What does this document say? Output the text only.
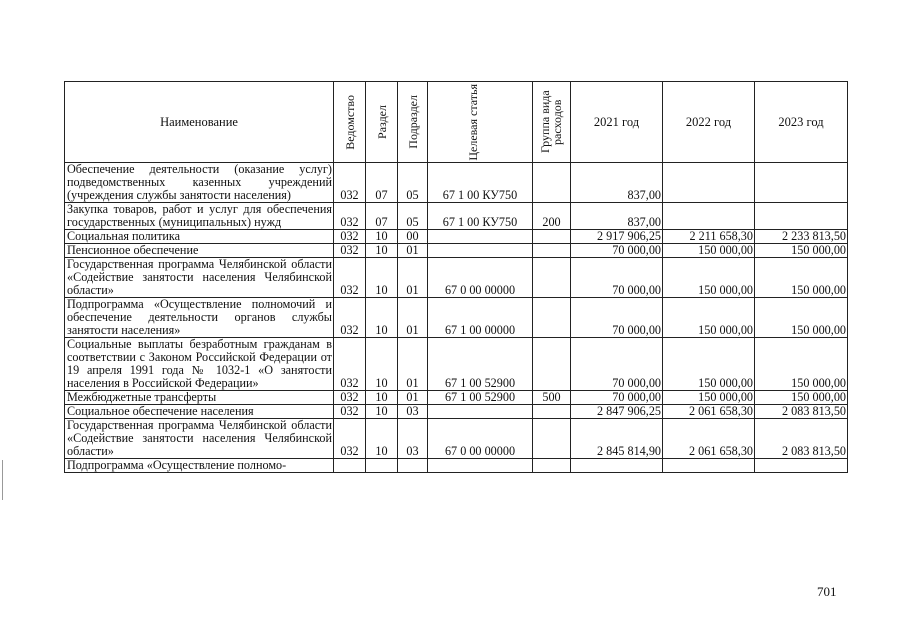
Наименование	Ведомство	Раздел	Подраздел	Целевая статья	Группа вида расходов	2021 год	2022 год	2023 год
Обеспечение деятельности (оказание услуг) подведомственных казенных учреждений (учреждения службы занятости населения)	032	07	05	67 1 00 КУ750		837,00		
Закупка товаров, работ и услуг для обеспечения государственных (муниципальных) нужд	032	07	05	67 1 00 КУ750	200	837,00		
Социальная политика	032	10	00			2 917 906,25	2 211 658,30	2 233 813,50
Пенсионное обеспечение	032	10	01			70 000,00	150 000,00	150 000,00
Государственная программа Челябинской области «Содействие занятости населения Челябинской области»	032	10	01	67 0 00 00000		70 000,00	150 000,00	150 000,00
Подпрограмма «Осуществление полномочий и обеспечение деятельности органов службы занятости населения»	032	10	01	67 1 00 00000		70 000,00	150 000,00	150 000,00
Социальные выплаты безработным гражданам в соответствии с Законом Российской Федерации от 19 апреля 1991 года № 1032-1 «О занятости населения в Российской Федерации»	032	10	01	67 1 00 52900		70 000,00	150 000,00	150 000,00
Межбюджетные трансферты	032	10	01	67 1 00 52900	500	70 000,00	150 000,00	150 000,00
Социальное обеспечение населения	032	10	03			2 847 906,25	2 061 658,30	2 083 813,50
Государственная программа Челябинской области «Содействие занятости населения Челябинской области»	032	10	03	67 0 00 00000		2 845 814,90	2 061 658,30	2 083 813,50
Подпрограмма «Осуществление полномо-								
701
